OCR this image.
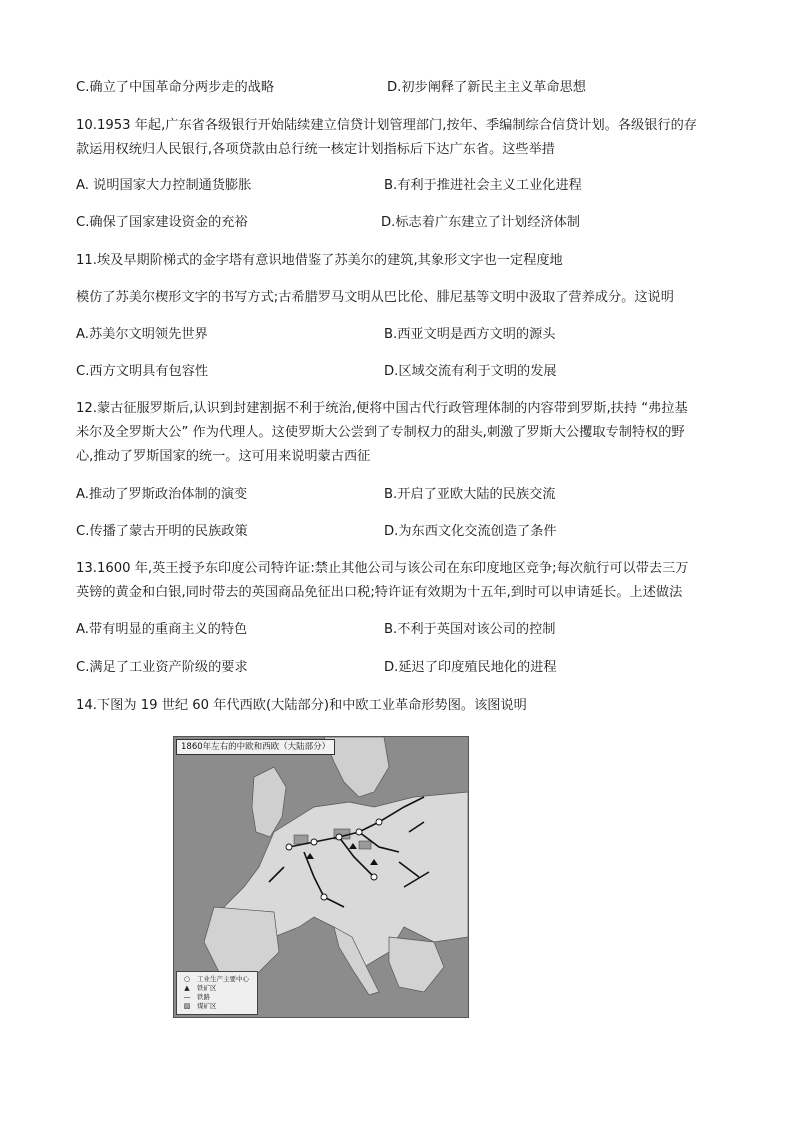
C.确立了中国革命分两步走的战略	D.初步阐释了新民主主义革命思想
10.1953 年起,广东省各级银行开始陆续建立信贷计划管理部门,按年、季编制综合信贷计划。各级银行的存
款运用权统归人民银行,各项贷款由总行统一核定计划指标后下达广东省。这些举措
A. 说明国家大力控制通货膨胀	B.有利于推进社会主义工业化进程
C.确保了国家建设资金的充裕	D.标志着广东建立了计划经济体制
11.埃及早期阶梯式的金字塔有意识地借鉴了苏美尔的建筑,其象形文字也一定程度地
模仿了苏美尔楔形文字的书写方式;古希腊罗马文明从巴比伦、腓尼基等文明中汲取了营养成分。这说明
A.苏美尔文明领先世界	B.西亚文明是西方文明的源头
C.西方文明具有包容性	D.区域交流有利于文明的发展
12.蒙古征服罗斯后,认识到封建割据不利于统治,便将中国古代行政管理体制的内容带到罗斯,扶持 “弗拉基
米尔及全罗斯大公” 作为代理人。这使罗斯大公尝到了专制权力的甜头,刺激了罗斯大公攫取专制特权的野
心,推动了罗斯国家的统一。这可用来说明蒙古西征
A.推动了罗斯政治体制的演变	B.开启了亚欧大陆的民族交流
C.传播了蒙古开明的民族政策	D.为东西文化交流创造了条件
13.1600 年,英王授予东印度公司特许证:禁止其他公司与该公司在东印度地区竞争;每次航行可以带去三万
英镑的黄金和白银,同时带去的英国商品免征出口税;特许证有效期为十五年,到时可以申请延长。上述做法
A.带有明显的重商主义的特色	B.不利于英国对该公司的控制
C.满足了工业资产阶级的要求	D.延迟了印度殖民地化的进程
14.下图为 19 世纪 60 年代西欧(大陆部分)和中欧工业革命形势图。该图说明
1860年左右的中欧和西欧（大陆部分）
○	工业生产主要中心
▲	铁矿区
—	铁路
▨	煤矿区
